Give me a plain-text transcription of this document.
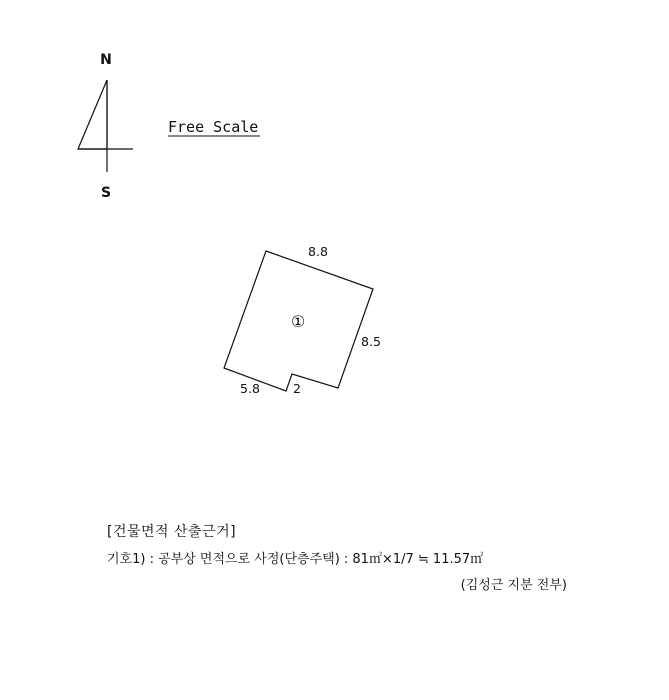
N
S
Free Scale
①
8.8
8.5
5.8	2
[건물면적 산출근거]
기호1) : 공부상 면적으로 사정(단층주택) : 81㎡×1/7 ≒ 11.57㎡
(김성근 지분 전부)
